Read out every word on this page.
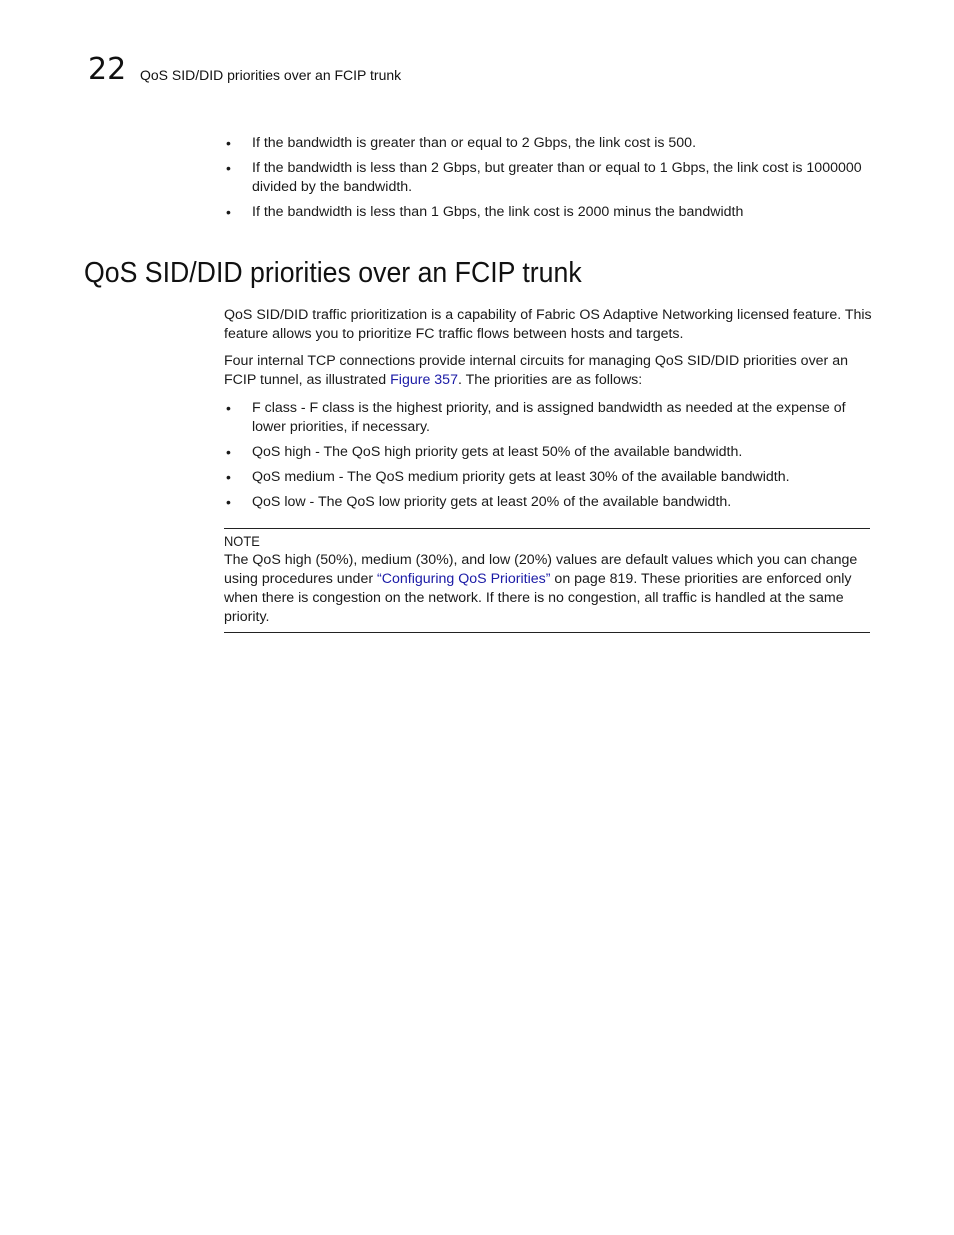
22 QoS SID/DID priorities over an FCIP trunk
• If the bandwidth is greater than or equal to 2 Gbps, the link cost is 500.
• If the bandwidth is less than 2 Gbps, but greater than or equal to 1 Gbps, the link cost is 1000000 divided by the bandwidth.
• If the bandwidth is less than 1 Gbps, the link cost is 2000 minus the bandwidth
QoS SID/DID priorities over an FCIP trunk

QoS SID/DID traffic prioritization is a capability of Fabric OS Adaptive Networking licensed feature. This feature allows you to prioritize FC traffic flows between hosts and targets.

Four internal TCP connections provide internal circuits for managing QoS SID/DID priorities over an FCIP tunnel, as illustrated Figure 357. The priorities are as follows:

• F class - F class is the highest priority, and is assigned bandwidth as needed at the expense of lower priorities, if necessary.
• QoS high - The QoS high priority gets at least 50% of the available bandwidth.
• QoS medium - The QoS medium priority gets at least 30% of the available bandwidth.
• QoS low - The QoS low priority gets at least 20% of the available bandwidth.
NOTE

The QoS high (50%), medium (30%), and low (20%) values are default values which you can change using procedures under “Configuring QoS Priorities” on page 819. These priorities are enforced only when there is congestion on the network. If there is no congestion, all traffic is handled at the same priority.
